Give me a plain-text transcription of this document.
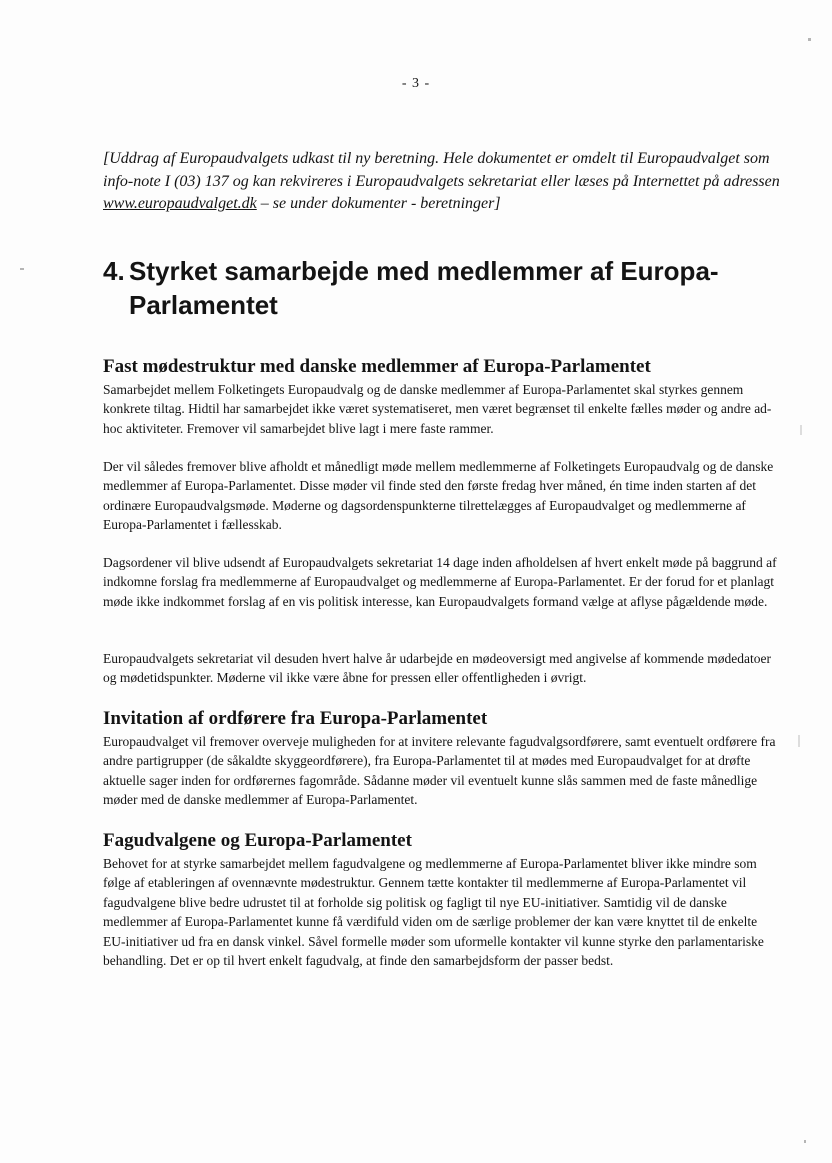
- 3 -
[Uddrag af Europaudvalgets udkast til ny beretning. Hele dokumentet er omdelt til Europaudvalget som info-note I (03) 137 og kan rekvireres i Europaudvalgets sekretariat eller læses på Internettet på adressen www.europaudvalget.dk – se under dokumenter - beretninger]
4. Styrket samarbejde med medlemmer af Europa-
Parlamentet
Fast mødestruktur med danske medlemmer af Europa-Parlamentet

Samarbejdet mellem Folketingets Europaudvalg og de danske medlemmer af Europa-Parlamentet skal styrkes gennem konkrete tiltag. Hidtil har samarbejdet ikke været systematiseret, men været begrænset til enkelte fælles møder og andre ad-hoc aktiviteter. Fremover vil samarbejdet blive lagt i mere faste rammer.

Der vil således fremover blive afholdt et månedligt møde mellem medlemmerne af Folketingets Europaudvalg og de danske medlemmer af Europa-Parlamentet. Disse møder vil finde sted den første fredag hver måned, én time inden starten af det ordinære Europaudvalgsmøde. Møderne og dagsordenspunkterne tilrettelægges af Europaudvalget og medlemmerne af Europa-Parlamentet i fællesskab.

Dagsordener vil blive udsendt af Europaudvalgets sekretariat 14 dage inden afholdelsen af hvert enkelt møde på baggrund af indkomne forslag fra medlemmerne af Europaudvalget og medlemmerne af Europa-Parlamentet. Er der forud for et planlagt møde ikke indkommet forslag af en vis politisk interesse, kan Europaudvalgets formand vælge at aflyse pågældende møde.

Europaudvalgets sekretariat vil desuden hvert halve år udarbejde en mødeoversigt med angivelse af kommende mødedatoer og mødetidspunkter. Møderne vil ikke være åbne for pressen eller offentligheden i øvrigt.

Invitation af ordførere fra Europa-Parlamentet

Europaudvalget vil fremover overveje muligheden for at invitere relevante fagudvalgsordførere, samt eventuelt ordførere fra andre partigrupper (de såkaldte skyggeordførere), fra Europa-Parlamentet til at mødes med Europaudvalget for at drøfte aktuelle sager inden for ordførernes fagområde. Sådanne møder vil eventuelt kunne slås sammen med de faste månedlige møder med de danske medlemmer af Europa-Parlamentet.

Fagudvalgene og Europa-Parlamentet

Behovet for at styrke samarbejdet mellem fagudvalgene og medlemmerne af Europa-Parlamentet bliver ikke mindre som følge af etableringen af ovennævnte mødestruktur. Gennem tætte kontakter til medlemmerne af Europa-Parlamentet vil fagudvalgene blive bedre udrustet til at forholde sig politisk og fagligt til nye EU-initiativer. Samtidig vil de danske medlemmer af Europa-Parlamentet kunne få værdifuld viden om de særlige problemer der kan være knyttet til de enkelte EU-initiativer ud fra en dansk vinkel. Såvel formelle møder som uformelle kontakter vil kunne styrke den parlamentariske behandling. Det er op til hvert enkelt fagudvalg, at finde den samarbejdsform der passer bedst.
